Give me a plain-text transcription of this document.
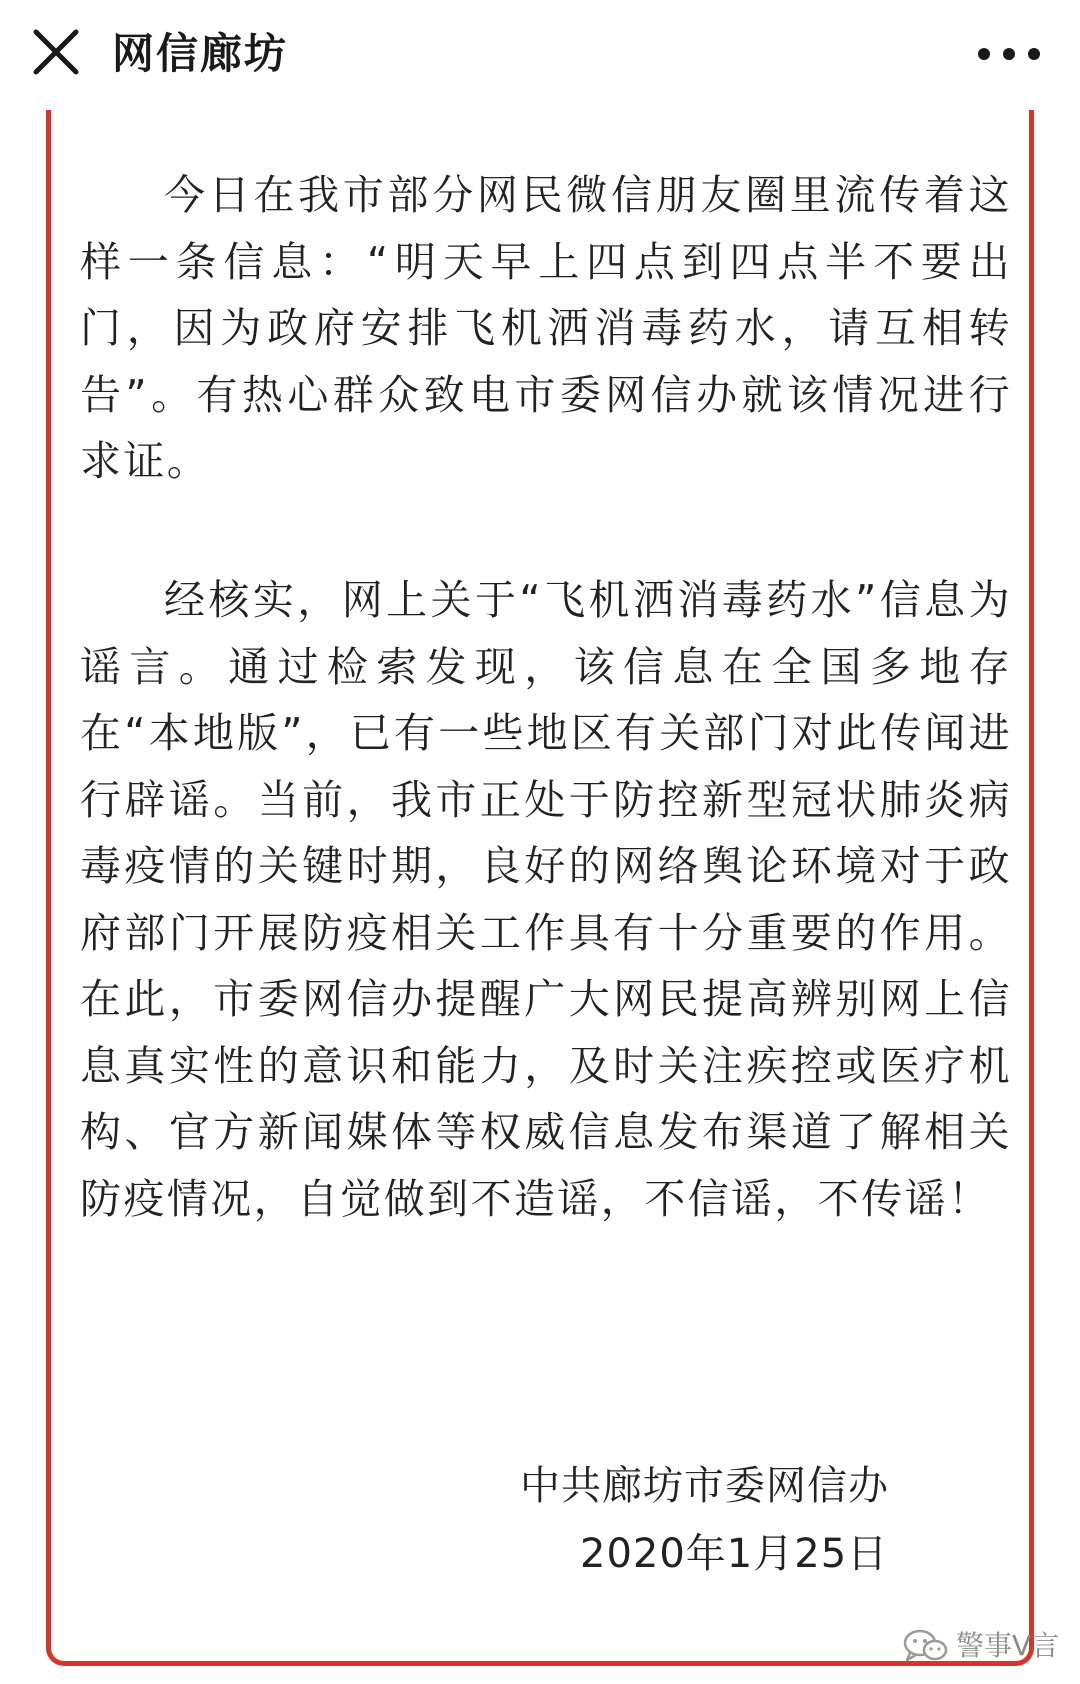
网信廊坊

今日在我市部分网民微信朋友圈里流传着这样一条信息：“明天早上四点到四点半不要出门，因为政府安排飞机洒消毒药水，请互相转告”。有热心群众致电市委网信办就该情况进行求证。

经核实，网上关于“飞机洒消毒药水”信息为谣言。通过检索发现，该信息在全国多地存在“本地版”，已有一些地区有关部门对此传闻进行辟谣。当前，我市正处于防控新型冠状肺炎病毒疫情的关键时期，良好的网络舆论环境对于政府部门开展防疫相关工作具有十分重要的作用。在此，市委网信办提醒广大网民提高辨别网上信息真实性的意识和能力，及时关注疾控或医疗机构、官方新闻媒体等权威信息发布渠道了解相关防疫情况，自觉做到不造谣，不信谣，不传谣！

中共廊坊市委网信办
2020年1月25日
警事V言
